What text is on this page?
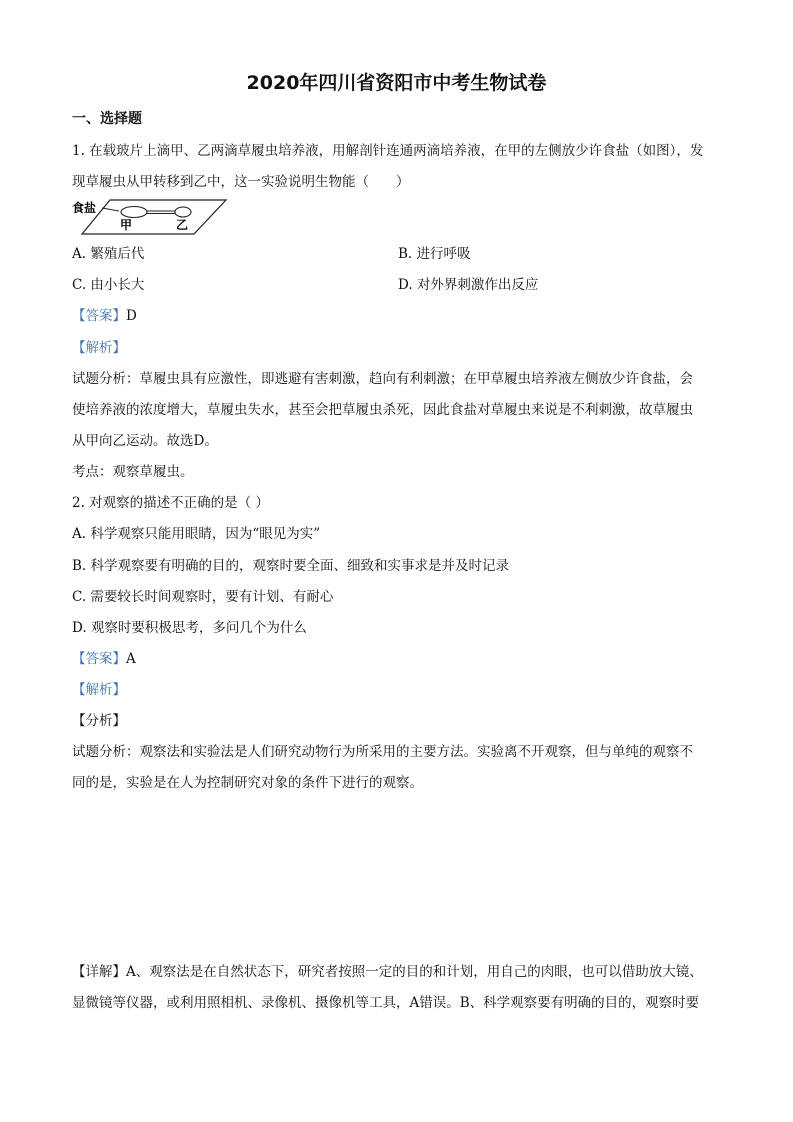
2020年四川省资阳市中考生物试卷
一、选择题
1. 在载玻片上滴甲、乙两滴草履虫培养液，用解剖针连通两滴培养液，在甲的左侧放少许食盐（如图），发
现草履虫从甲转移到乙中，这一实验说明生物能（　　）
食盐
甲	乙
A. 繁殖后代	B. 进行呼吸
C. 由小长大	D. 对外界刺激作出反应
【答案】D
【解析】
试题分析：草履虫具有应激性，即逃避有害刺激，趋向有利刺激；在甲草履虫培养液左侧放少许食盐，会
使培养液的浓度增大，草履虫失水，甚至会把草履虫杀死，因此食盐对草履虫来说是不利刺激，故草履虫
从甲向乙运动。故选D。
考点：观察草履虫。
2. 对观察的描述不正确的是（ ）
A. 科学观察只能用眼睛，因为“眼见为实”
B. 科学观察要有明确的目的，观察时要全面、细致和实事求是并及时记录
C. 需要较长时间观察时，要有计划、有耐心
D. 观察时要积极思考，多问几个为什么
【答案】A
【解析】
【分析】
试题分析：观察法和实验法是人们研究动物行为所采用的主要方法。实验离不开观察，但与单纯的观察不
同的是，实验是在人为控制研究对象的条件下进行的观察。
【详解】A、观察法是在自然状态下，研究者按照一定的目的和计划，用自己的肉眼，也可以借助放大镜、
显微镜等仪器，或利用照相机、录像机、摄像机等工具，A错误。B、科学观察要有明确的目的，观察时要
